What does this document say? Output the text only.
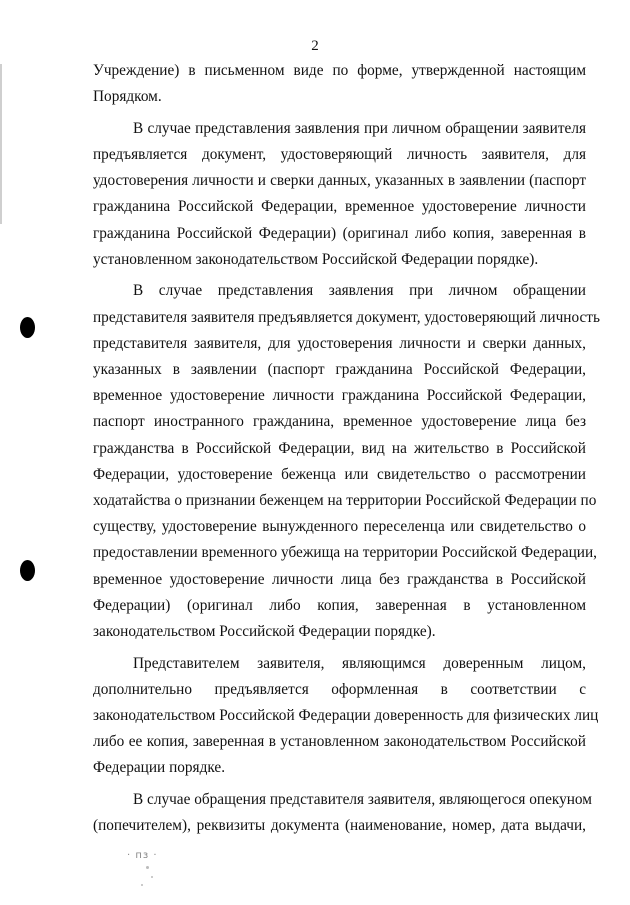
2
Учреждение) в письменном виде по форме, утвержденной настоящим
Порядком.
В случае представления заявления при личном обращении заявителя
предъявляется документ, удостоверяющий личность заявителя, для
удостоверения личности и сверки данных, указанных в заявлении (паспорт
гражданина Российской Федерации, временное удостоверение личности
гражданина Российской Федерации) (оригинал либо копия, заверенная в
установленном законодательством Российской Федерации порядке).
В случае представления заявления при личном обращении
представителя заявителя предъявляется документ, удостоверяющий личность
представителя заявителя, для удостоверения личности и сверки данных,
указанных в заявлении (паспорт гражданина Российской Федерации,
временное удостоверение личности гражданина Российской Федерации,
паспорт иностранного гражданина, временное удостоверение лица без
гражданства в Российской Федерации, вид на жительство в Российской
Федерации, удостоверение беженца или свидетельство о рассмотрении
ходатайства о признании беженцем на территории Российской Федерации по
существу, удостоверение вынужденного переселенца или свидетельство о
предоставлении временного убежища на территории Российской Федерации,
временное удостоверение личности лица без гражданства в Российской
Федерации) (оригинал либо копия, заверенная в установленном
законодательством Российской Федерации порядке).
Представителем заявителя, являющимся доверенным лицом,
дополнительно предъявляется оформленная в соответствии с
законодательством Российской Федерации доверенность для физических лиц
либо ее копия, заверенная в установленном законодательством Российской
Федерации порядке.
В случае обращения представителя заявителя, являющегося опекуном
(попечителем), реквизиты документа (наименование, номер, дата выдачи,
· пз ·
